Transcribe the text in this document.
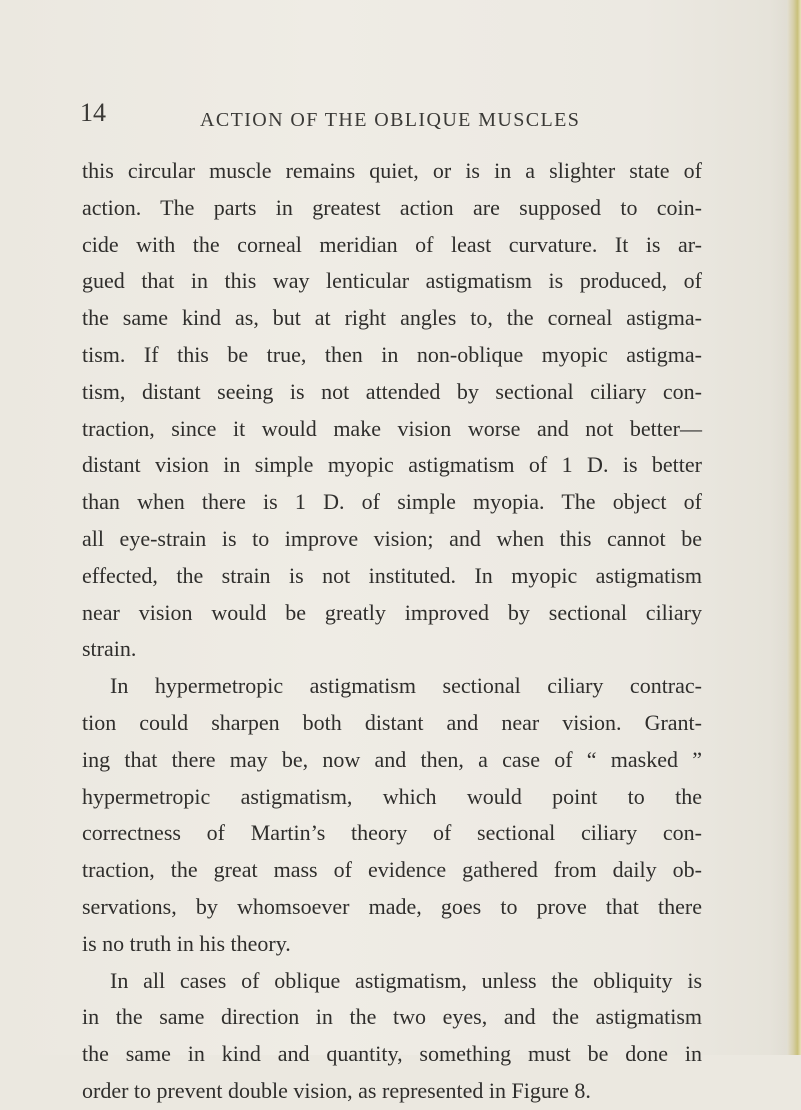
14	ACTION OF THE OBLIQUE MUSCLES
this circular muscle remains quiet, or is in a slighter state of
action. The parts in greatest action are supposed to coin-
cide with the corneal meridian of least curvature. It is ar-
gued that in this way lenticular astigmatism is produced, of
the same kind as, but at right angles to, the corneal astigma-
tism. If this be true, then in non-oblique myopic astigma-
tism, distant seeing is not attended by sectional ciliary con-
traction, since it would make vision worse and not better—
distant vision in simple myopic astigmatism of 1 D. is better
than when there is 1 D. of simple myopia. The object of
all eye-strain is to improve vision; and when this cannot be
effected, the strain is not instituted. In myopic astigmatism
near vision would be greatly improved by sectional ciliary
strain.
In hypermetropic astigmatism sectional ciliary contrac-
tion could sharpen both distant and near vision. Grant-
ing that there may be, now and then, a case of “ masked ”
hypermetropic astigmatism, which would point to the
correctness of Martin’s theory of sectional ciliary con-
traction, the great mass of evidence gathered from daily ob-
servations, by whomsoever made, goes to prove that there
is no truth in his theory.
In all cases of oblique astigmatism, unless the obliquity is
in the same direction in the two eyes, and the astigmatism
the same in kind and quantity, something must be done in
order to prevent double vision, as represented in Figure 8.
